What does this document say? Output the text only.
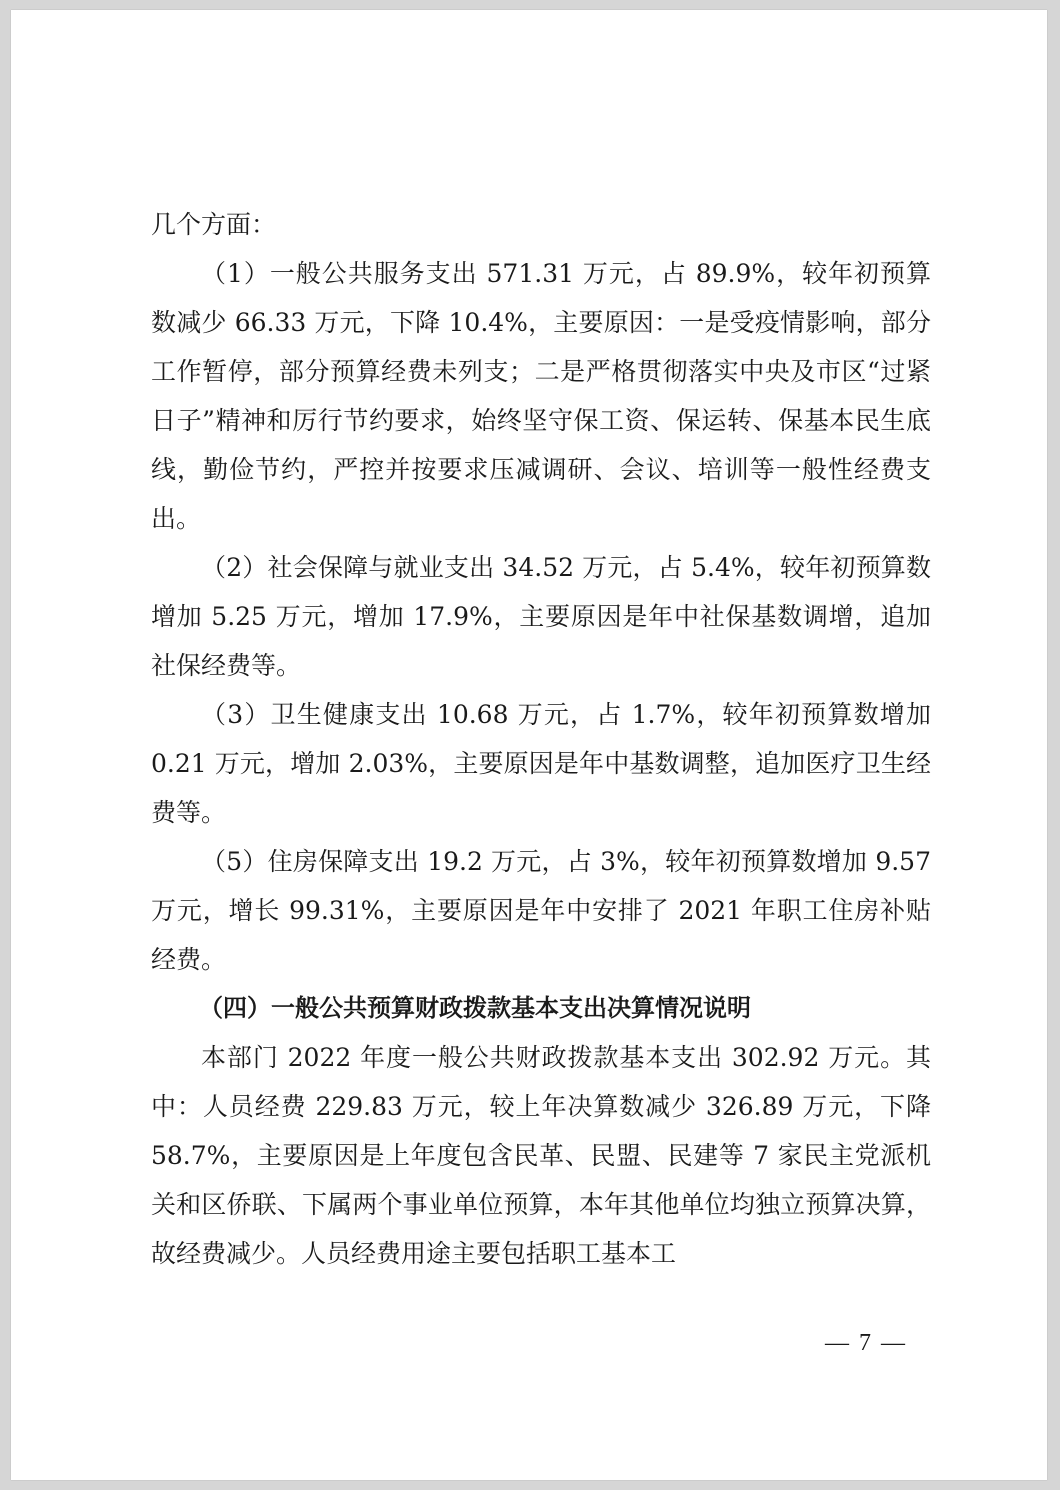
几个方面：

（1）一般公共服务支出 571.31 万元，占 89.9%，较年初预算数减少 66.33 万元，下降 10.4%，主要原因：一是受疫情影响，部分工作暂停，部分预算经费未列支；二是严格贯彻落实中央及市区“过紧日子”精神和厉行节约要求，始终坚守保工资、保运转、保基本民生底线，勤俭节约，严控并按要求压减调研、会议、培训等一般性经费支出。

（2）社会保障与就业支出 34.52 万元，占 5.4%，较年初预算数增加 5.25 万元，增加 17.9%，主要原因是年中社保基数调增，追加社保经费等。

（3）卫生健康支出 10.68 万元，占 1.7%，较年初预算数增加 0.21 万元，增加 2.03%，主要原因是年中基数调整，追加医疗卫生经费等。

（5）住房保障支出 19.2 万元，占 3%，较年初预算数增加 9.57 万元，增长 99.31%，主要原因是年中安排了 2021 年职工住房补贴经费。

（四）一般公共预算财政拨款基本支出决算情况说明

本部门 2022 年度一般公共财政拨款基本支出 302.92 万元。其中：人员经费 229.83 万元，较上年决算数减少 326.89 万元，下降 58.7%，主要原因是上年度包含民革、民盟、民建等 7 家民主党派机关和区侨联、下属两个事业单位预算，本年其他单位均独立预算决算，故经费减少。人员经费用途主要包括职工基本工

— 7 —
